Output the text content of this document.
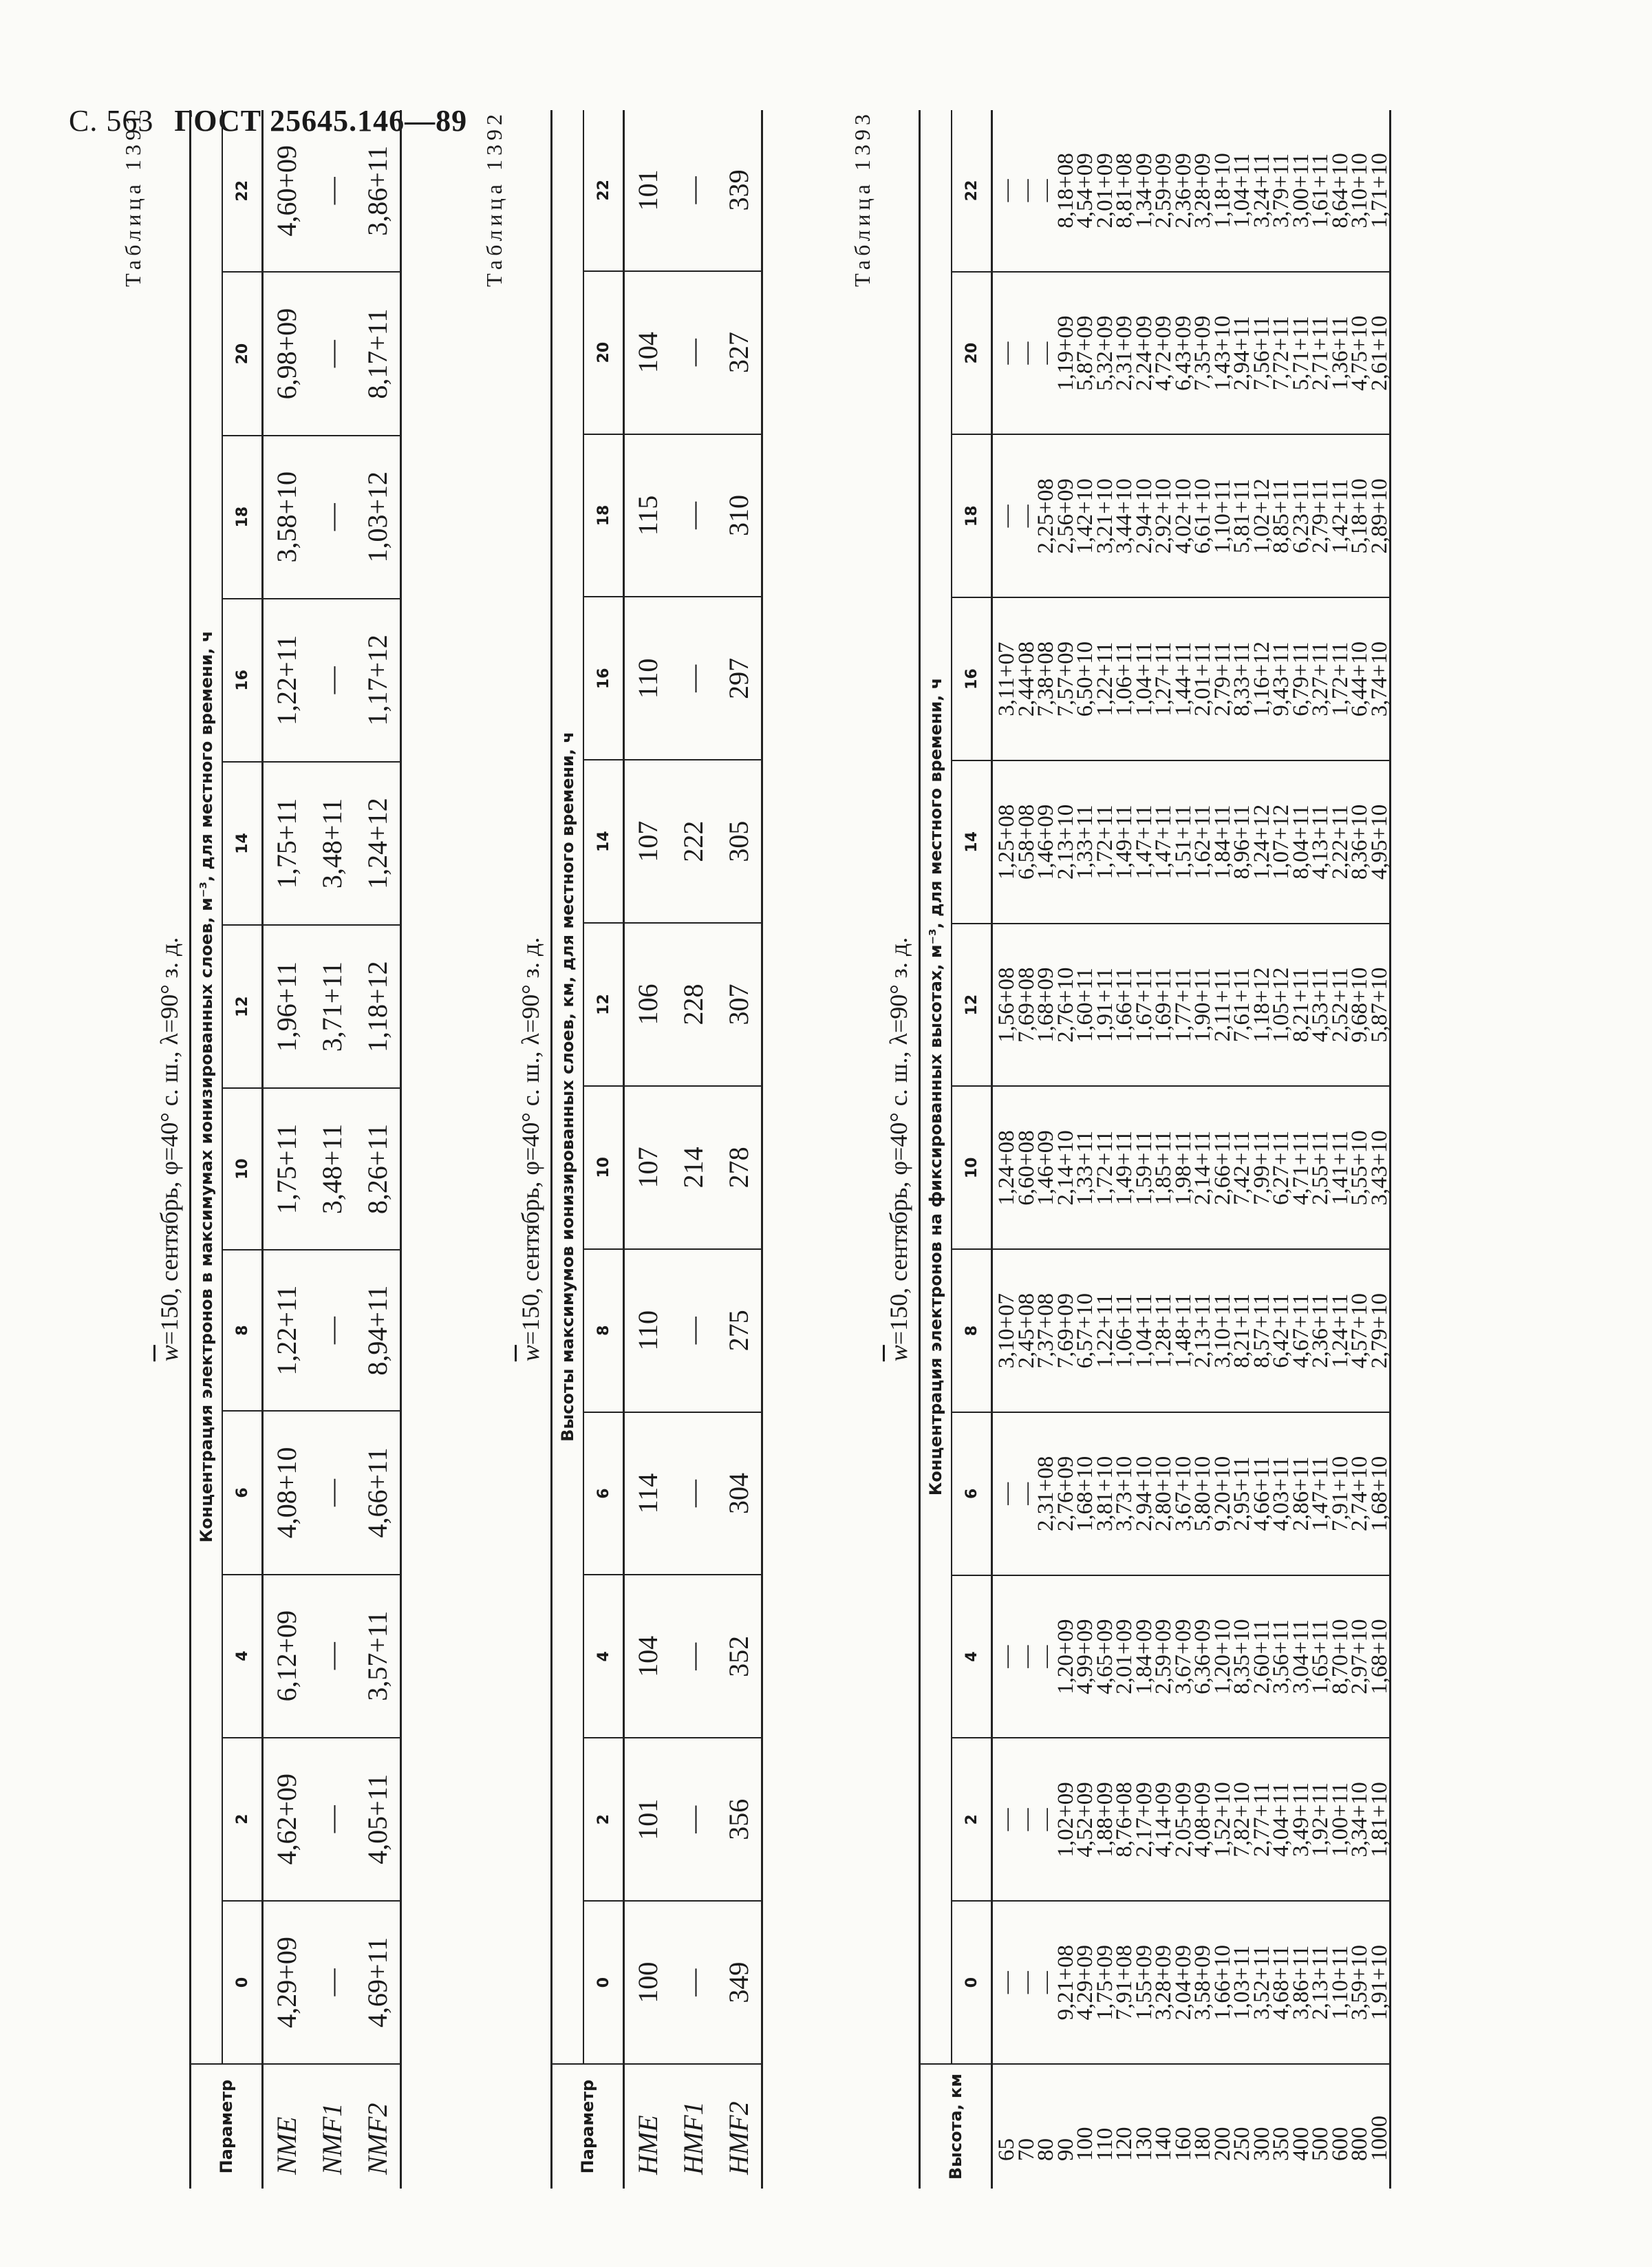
С. 563 ГОСТ 25645.146—89
Таблица 1391
$\overline{w}=150$, сентябрь, φ=40° с. ш., λ=90° з. д.
Параметр	Концентрация электронов в максимумах ионизированных слоев, м⁻³, для местного времени, ч											
	0	2	4	6	8	10	12	14	16	18	20	22
NME	4,29+09	4,62+09	6,12+09	4,08+10	1,22+11	1,75+11	1,96+11	1,75+11	1,22+11	3,58+10	6,98+09	4,60+09
NMF1	—	—	—	—	—	3,48+11	3,71+11	3,48+11	—	—	—	—
NMF2	4,69+11	4,05+11	3,57+11	4,66+11	8,94+11	8,26+11	1,18+12	1,24+12	1,17+12	1,03+12	8,17+11	3,86+11	Таблица 1392
$\overline{w}=150$, сентябрь, φ=40° с. ш., λ=90° з. д.
Параметр	Высоты максимумов ионизированных слоев, км, для местного времени, ч											
	0	2	4	6	8	10	12	14	16	18	20	22
HME	100	101	104	114	110	107	106	107	110	115	104	101
HMF1	—	—	—	—	—	214	228	222	—	—	—	—
HMF2	349	356	352	304	275	278	307	305	297	310	327	339	Таблица 1393
$\overline{w}=150$, сентябрь, φ=40° с. ш., λ=90° з. д.
Высота, км	Концентрация электронов на фиксированных высотах, м⁻³, для местного времени, ч											
	0	2	4	6	8	10	12	14	16	18	20	22
65	—	—	—	—	3,10+07	1,24+08	1,56+08	1,25+08	3,11+07	—	—	—
70	—	—	—	—	2,45+08	6,60+08	7,69+08	6,58+08	2,44+08	—	—	—
80	—	—	—	2,31+08	7,37+08	1,46+09	1,68+09	1,46+09	7,38+08	2,25+08	—	—
90	9,21+08	1,02+09	1,20+09	2,76+09	7,69+09	2,14+10	2,76+10	2,13+10	7,57+09	2,56+09	1,19+09	8,18+08
100	4,29+09	4,52+09	4,99+09	1,68+10	6,57+10	1,33+11	1,60+11	1,33+11	6,50+10	1,42+10	5,87+09	4,54+09
110	1,75+09	1,88+09	4,65+09	3,81+10	1,22+11	1,72+11	1,91+11	1,72+11	1,22+11	3,21+10	5,32+09	2,01+09
120	7,91+08	8,76+08	2,01+09	3,73+10	1,06+11	1,49+11	1,66+11	1,49+11	1,06+11	3,44+10	2,31+09	8,81+08
130	1,55+09	2,17+09	1,84+09	2,94+10	1,04+11	1,59+11	1,67+11	1,47+11	1,04+11	2,94+10	2,24+09	1,34+09
140	3,28+09	4,14+09	2,59+09	2,80+10	1,28+11	1,85+11	1,69+11	1,47+11	1,27+11	2,92+10	4,72+09	2,59+09
160	2,04+09	2,05+09	3,67+09	3,67+10	1,48+11	1,98+11	1,77+11	1,51+11	1,44+11	4,02+10	6,43+09	2,36+09
180	3,58+09	4,08+09	6,36+09	5,80+10	2,13+11	2,14+11	1,90+11	1,62+11	2,01+11	6,61+10	7,35+09	3,28+09
200	1,66+10	1,52+10	1,20+10	9,20+10	3,10+11	2,66+11	2,11+11	1,84+11	2,79+11	1,10+11	1,43+10	1,18+10
250	1,03+11	7,82+10	8,35+10	2,95+11	8,21+11	7,42+11	7,61+11	8,96+11	8,33+11	5,81+11	2,94+11	1,04+11
300	3,52+11	2,77+11	2,60+11	4,66+11	8,57+11	7,99+11	1,18+12	1,24+12	1,16+12	1,02+12	7,56+11	3,24+11
350	4,68+11	4,04+11	3,56+11	4,03+11	6,42+11	6,27+11	1,05+12	1,07+12	9,43+11	8,85+11	7,72+11	3,79+11
400	3,86+11	3,49+11	3,04+11	2,86+11	4,67+11	4,71+11	8,21+11	8,04+11	6,79+11	6,23+11	5,71+11	3,00+11
500	2,13+11	1,92+11	1,65+11	1,47+11	2,36+11	2,55+11	4,53+11	4,13+11	3,27+11	2,79+11	2,71+11	1,61+11
600	1,10+11	1,00+11	8,70+10	7,91+10	1,24+11	1,41+11	2,52+11	2,22+11	1,72+11	1,42+11	1,36+11	8,64+10
800	3,59+10	3,34+10	2,97+10	2,74+10	4,57+10	5,55+10	9,68+10	8,36+10	6,44+10	5,18+10	4,75+10	3,10+10
1000	1,91+10	1,81+10	1,68+10	1,68+10	2,79+10	3,43+10	5,87+10	4,95+10	3,74+10	2,89+10	2,61+10	1,71+10
